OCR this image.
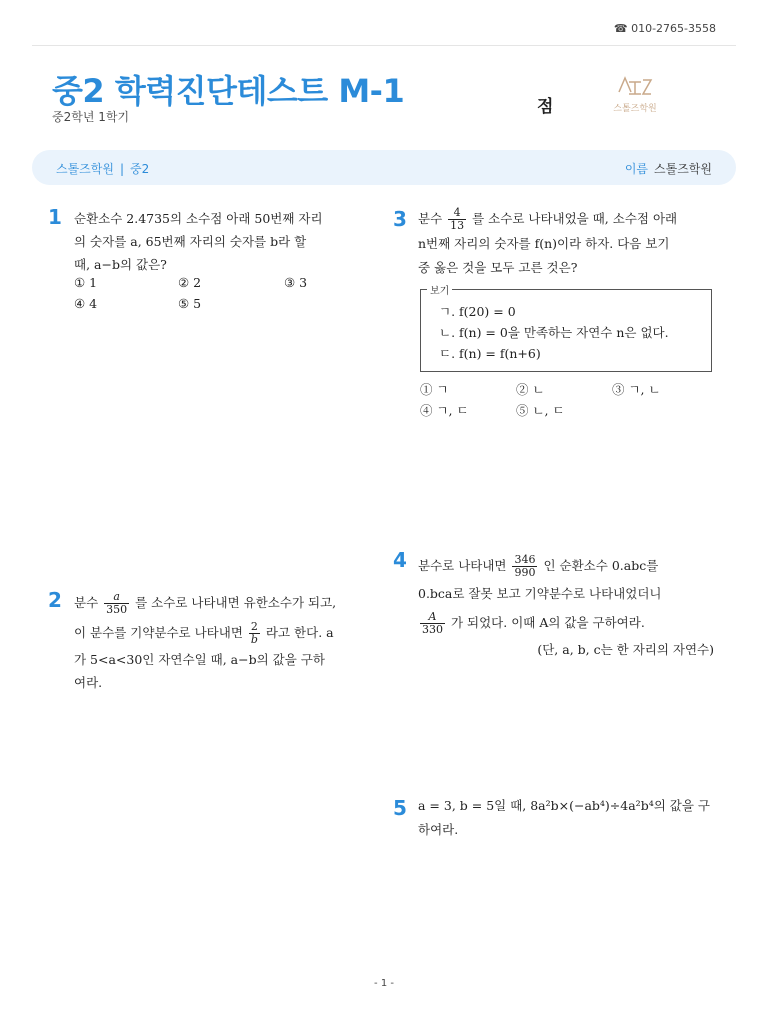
☎ 010-2765-3558
중2 학력진단테스트 M-1
중2학년 1학기	점	스톨즈학원
스톨즈학원 | 중2	이름 스톨즈학원
1 순환소수 2.4735의 소수점 아래 50번째 자리
의 숫자를 a, 65번째 자리의 숫자를 b라 할
때, a−b의 값은?
① 1	② 2	③ 3
④ 4	⑤ 5
2 분수 $\frac{a}{350}$ 를 소수로 나타내면 유한소수가 되고,
이 분수를 기약분수로 나타내면 $\frac{2}{b}$ 라고 한다. a
가 5<a<30인 자연수일 때, a−b의 값을 구하
여라.
3 분수 $\frac{4}{13}$ 를 소수로 나타내었을 때, 소수점 아래
n번째 자리의 숫자를 f(n)이라 하자. 다음 보기
중 옳은 것을 모두 고른 것은?
보기
ㄱ. f(20) = 0
ㄴ. f(n) = 0을 만족하는 자연수 n은 없다.
ㄷ. f(n) = f(n+6)
① ㄱ	② ㄴ	③ ㄱ, ㄴ
④ ㄱ, ㄷ	⑤ ㄴ, ㄷ
4 분수로 나타내면 $\frac{346}{990}$ 인 순환소수 0.abc를
0.bca로 잘못 보고 기약분수로 나타내었더니
$\frac{A}{330}$ 가 되었다. 이때 A의 값을 구하여라.
(단, a, b, c는 한 자리의 자연수)
5 a = 3, b = 5일 때, 8a²b×(−ab⁴)÷4a²b⁴의 값을 구
하여라.
- 1 -
